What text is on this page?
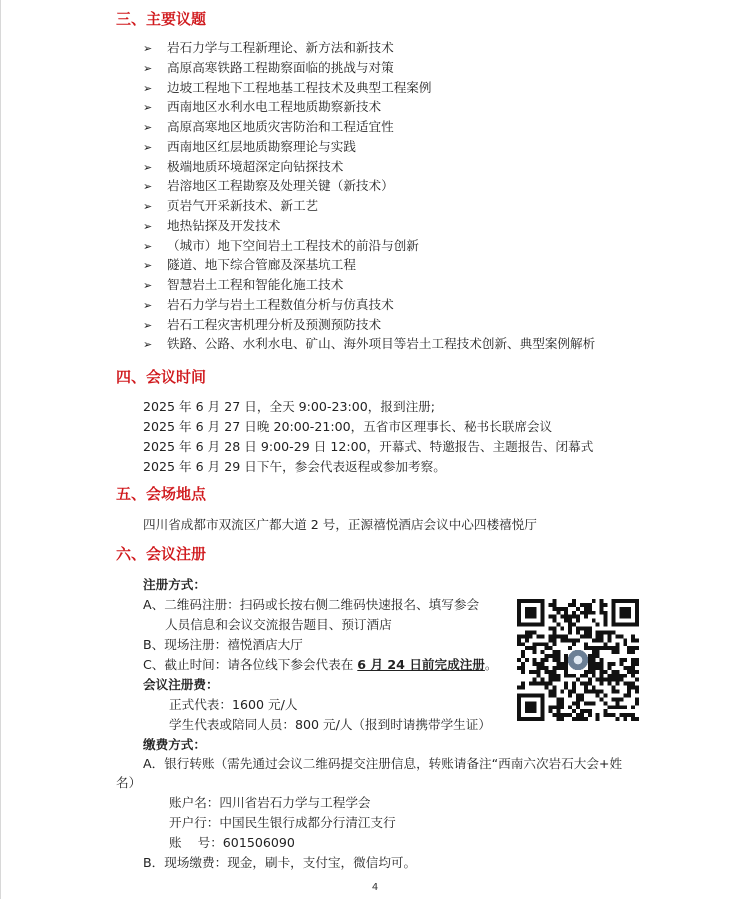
三、主要议题
➢ 岩石力学与工程新理论、新方法和新技术
➢ 高原高寒铁路工程勘察面临的挑战与对策
➢ 边坡工程地下工程地基工程技术及典型工程案例
➢ 西南地区水利水电工程地质勘察新技术
➢ 高原高寒地区地质灾害防治和工程适宜性
➢ 西南地区红层地质勘察理论与实践
➢ 极端地质环境超深定向钻探技术
➢ 岩溶地区工程勘察及处理关键（新技术）
➢ 页岩气开采新技术、新工艺
➢ 地热钻探及开发技术
➢ （城市）地下空间岩土工程技术的前沿与创新
➢ 隧道、地下综合管廊及深基坑工程
➢ 智慧岩土工程和智能化施工技术
➢ 岩石力学与岩土工程数值分析与仿真技术
➢ 岩石工程灾害机理分析及预测预防技术
➢ 铁路、公路、水利水电、矿山、海外项目等岩土工程技术创新、典型案例解析
四、会议时间
2025 年 6 月 27 日，全天 9:00-23:00，报到注册;
2025 年 6 月 27 日晚 20:00-21:00，五省市区理事长、秘书长联席会议
2025 年 6 月 28 日 9:00-29 日 12:00，开幕式、特邀报告、主题报告、闭幕式
2025 年 6 月 29 日下午，参会代表返程或参加考察。
五、会场地点
四川省成都市双流区广都大道 2 号，正源禧悦酒店会议中心四楼禧悦厅
六、会议注册
注册方式：
A、二维码注册：扫码或长按右侧二维码快速报名、填写参会
人员信息和会议交流报告题目、预订酒店
B、现场注册：禧悦酒店大厅
C、截止时间：请各位线下参会代表在 6 月 24 日前完成注册。
会议注册费：
正式代表：1600 元/人
学生代表或陪同人员：800 元/人（报到时请携带学生证）
缴费方式：
A．银行转账（需先通过会议二维码提交注册信息，转账请备注“西南六次岩石大会+姓
名）
账户名：四川省岩石力学与工程学会
开户行：中国民生银行成都分行清江支行
账    号：601506090
B．现场缴费：现金，刷卡，支付宝，微信均可。
4
